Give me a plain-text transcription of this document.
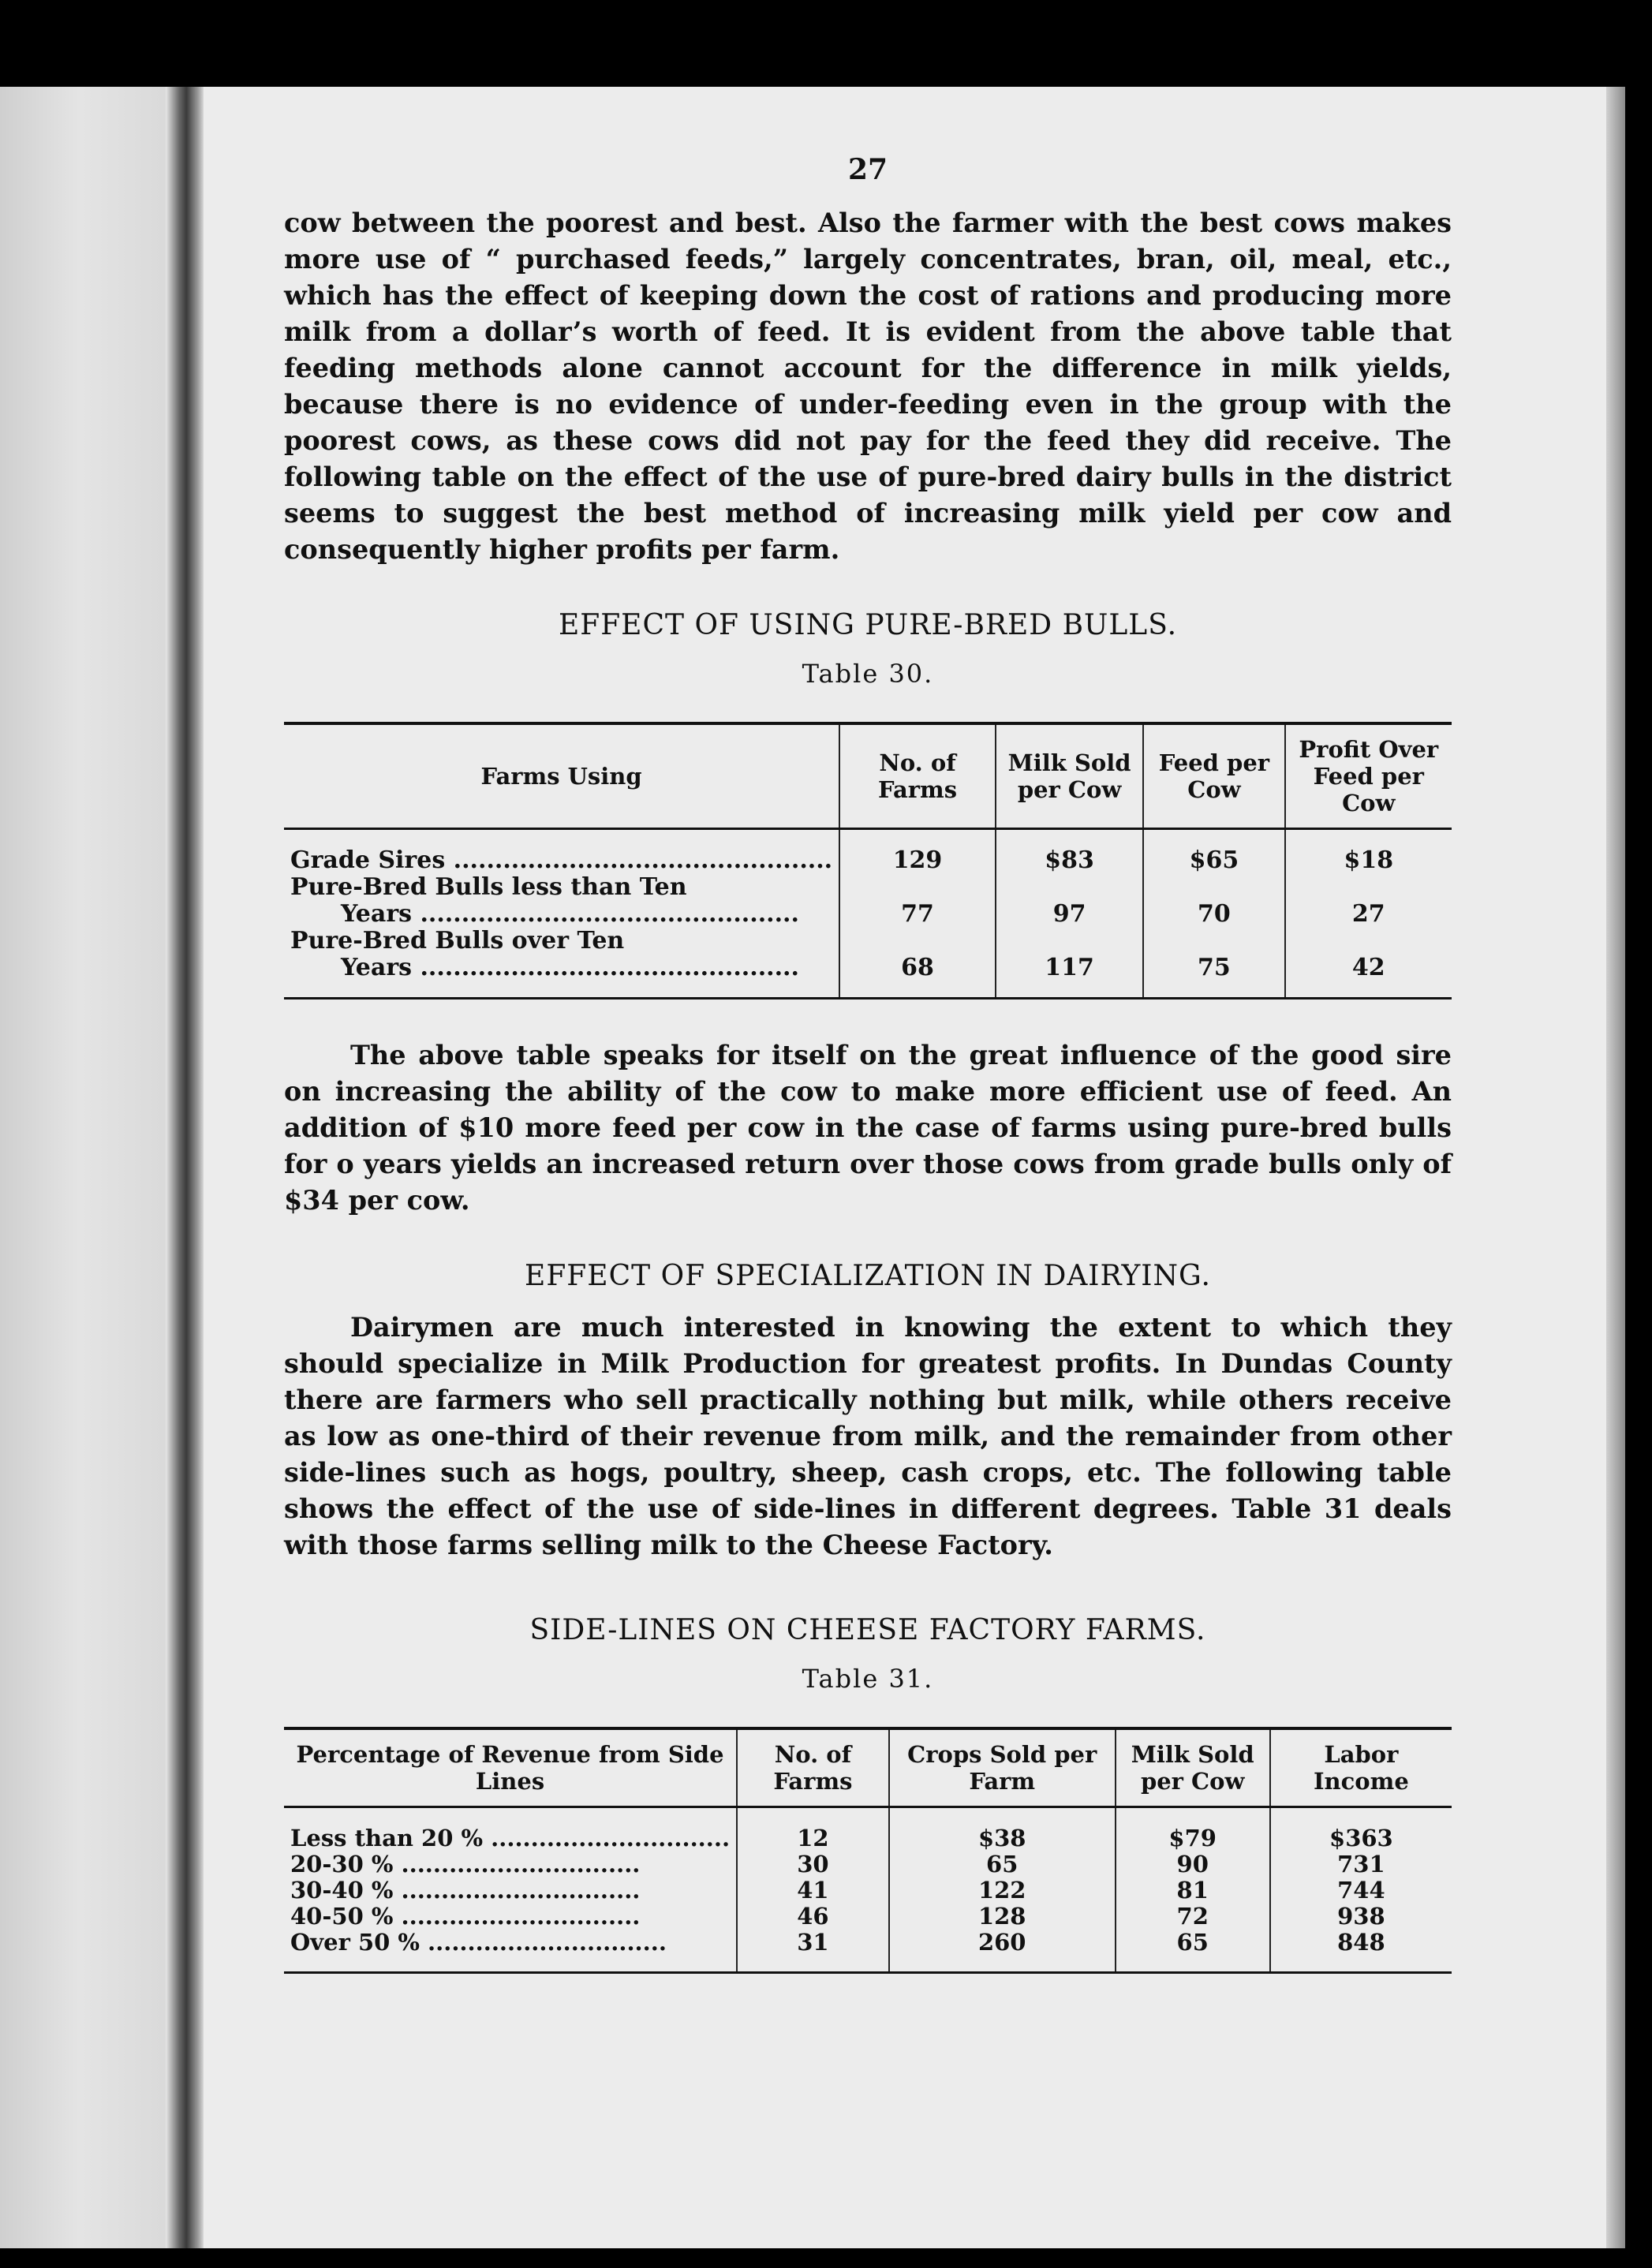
27

cow between the poorest and best. Also the farmer with the best cows makes more use of “ purchased feeds,” largely concentrates, bran, oil, meal, etc., which has the effect of keeping down the cost of rations and producing more milk from a dollar’s worth of feed. It is evident from the above table that feeding methods alone cannot account for the difference in milk yields, because there is no evidence of under-feeding even in the group with the poorest cows, as these cows did not pay for the feed they did receive. The following table on the effect of the use of pure-bred dairy bulls in the district seems to suggest the best method of increasing milk yield per cow and consequently higher profits per farm.

EFFECT OF USING PURE-BRED BULLS.
Table 30.
Farms Using	No. of Farms	Milk Sold per Cow	Feed per Cow	Profit Over Feed per Cow
Grade Sires ..............................................	129	$83	$65	$18
Pure-Bred Bulls less than Ten

Years ..............................................	77	97	70	27
Pure-Bred Bulls over Ten

Years ..............................................	68	117	75	42

The above table speaks for itself on the great influence of the good sire on increasing the ability of the cow to make more efficient use of feed. An addition of $10 more feed per cow in the case of farms using pure-bred bulls for o years yields an increased return over those cows from grade bulls only of $34 per cow.

EFFECT OF SPECIALIZATION IN DAIRYING.

Dairymen are much interested in knowing the extent to which they should specialize in Milk Production for greatest profits. In Dundas County there are farmers who sell practically nothing but milk, while others receive as low as one-third of their revenue from milk, and the remainder from other side-lines such as hogs, poultry, sheep, cash crops, etc. The following table shows the effect of the use of side-lines in different degrees. Table 31 deals with those farms selling milk to the Cheese Factory.

SIDE-LINES ON CHEESE FACTORY FARMS.
Table 31.
Percentage of Revenue from Side Lines	No. of Farms	Crops Sold per Farm	Milk Sold per Cow	Labor Income
Less than 20 % ..............................	12	$38	$79	$363
20-30 % ..............................	30	65	90	731
30-40 % ..............................	41	122	81	744
40-50 % ..............................	46	128	72	938
Over 50 % ..............................	31	260	65	848
